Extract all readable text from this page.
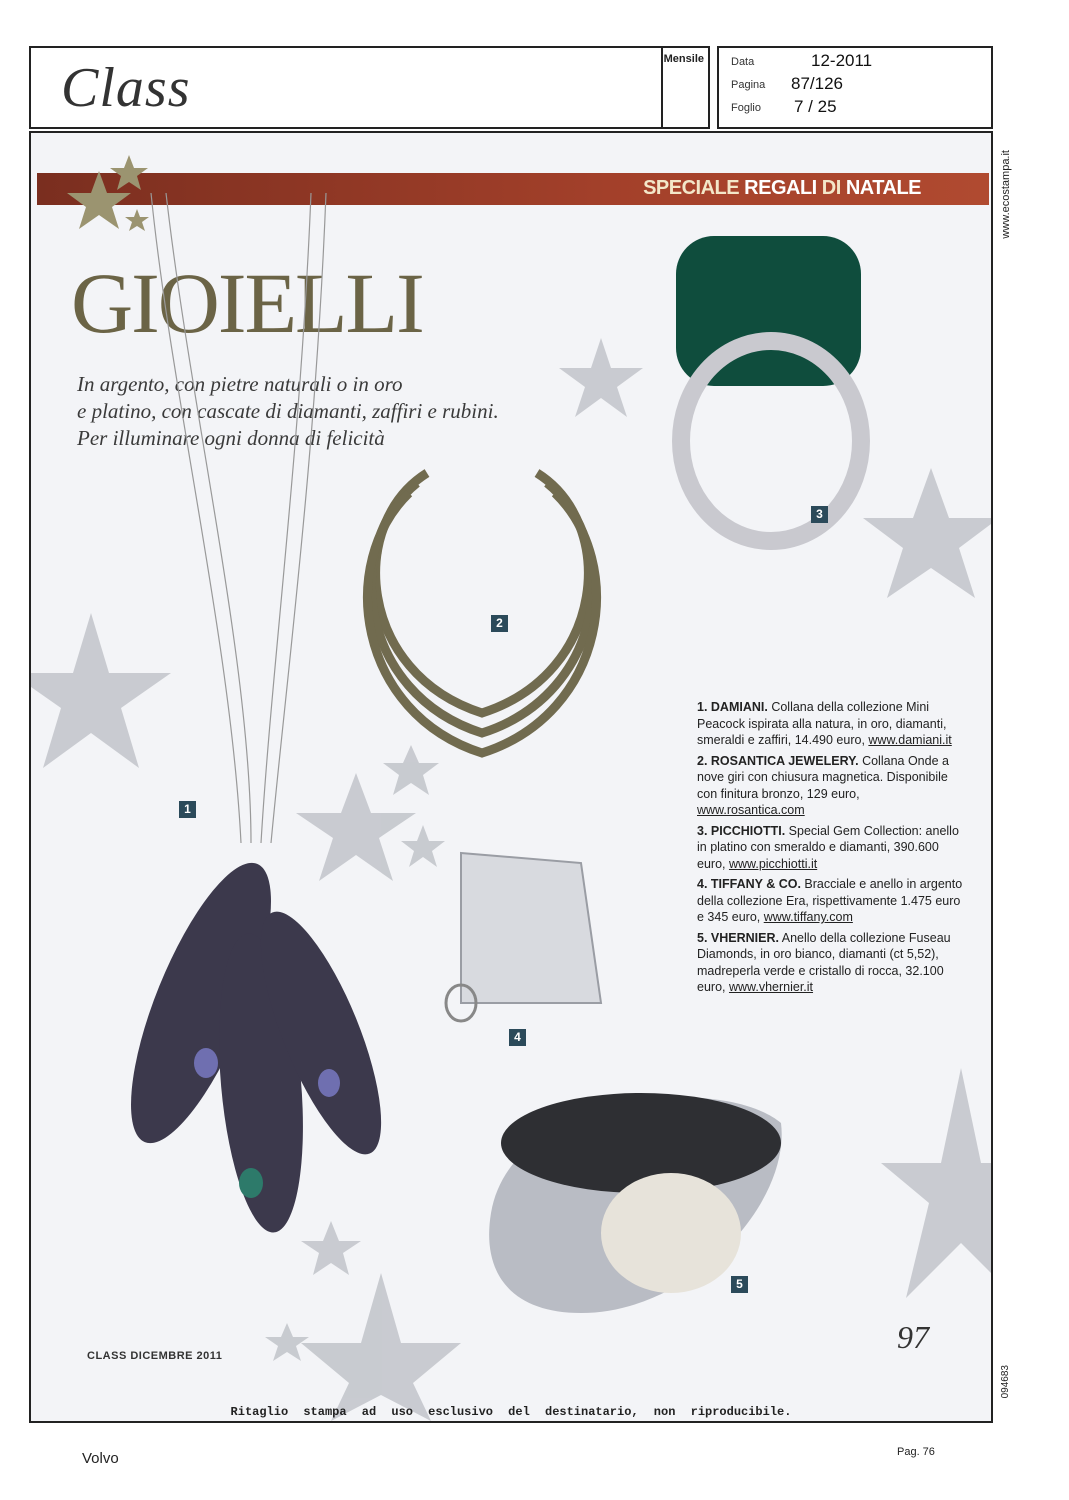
Class	Mensile Data	12-2011
Pagina 87/126
Foglio 7 / 25
www.ecostampa.it
094683
SPECIALE REGALI DI NATALE
GIOIELLI
In argento, con pietre naturali o in oro
e platino, con cascate di diamanti, zaffiri e rubini.
Per illuminare ogni donna di felicità
1
2
3
4
5

1. DAMIANI. Collana della collezione Mini Peacock ispirata alla natura, in oro, diamanti, smeraldi e zaffiri, 14.490 euro, www.damiani.it

2. ROSANTICA JEWELERY. Collana Onde a nove giri con chiusura magnetica. Disponibile con finitura bronzo, 129 euro, www.rosantica.com

3. PICCHIOTTI. Special Gem Collection: anello in platino con smeraldo e diamanti, 390.600 euro, www.picchiotti.it

4. TIFFANY & CO. Bracciale e anello in argento della collezione Era, rispettivamente 1.475 euro e 345 euro, www.tiffany.com

5. VHERNIER. Anello della collezione Fuseau Diamonds, in oro bianco, diamanti (ct 5,52), madreperla verde e cristallo di rocca, 32.100 euro, www.vhernier.it

97
CLASS DICEMBRE 2011
Ritaglio stampa ad uso esclusivo del destinatario, non riproducibile.
Volvo	Pag. 76
